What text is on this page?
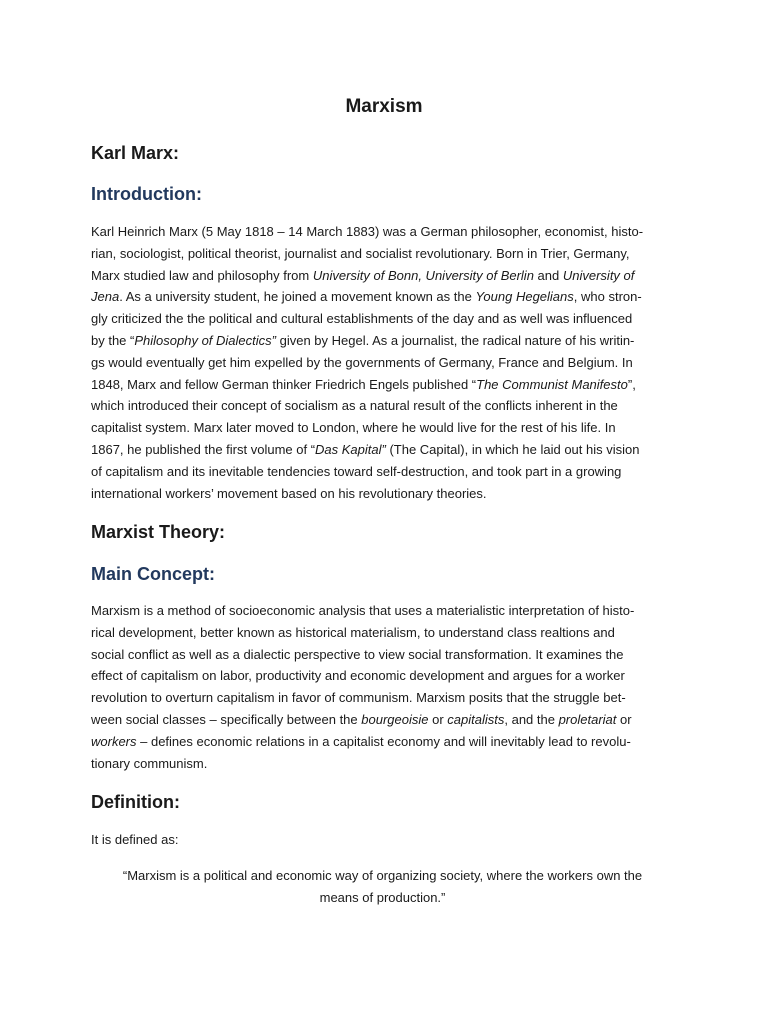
Marxism
Karl Marx:
Introduction:
Karl Heinrich Marx (5 May 1818 – 14 March 1883) was a German philosopher, economist, histo-
rian, sociologist, political theorist, journalist and socialist revolutionary. Born in Trier, Germany,
Marx studied law and philosophy from University of Bonn, University of Berlin and University of
Jena. As a university student, he joined a movement known as the Young Hegelians, who stron-
gly criticized the the political and cultural establishments of the day and as well was influenced
by the “Philosophy of Dialectics” given by Hegel. As a journalist, the radical nature of his writin-
gs would eventually get him expelled by the governments of Germany, France and Belgium. In
1848, Marx and fellow German thinker Friedrich Engels published “The Communist Manifesto”,
which introduced their concept of socialism as a natural result of the conflicts inherent in the
capitalist system. Marx later moved to London, where he would live for the rest of his life. In
1867, he published the first volume of “Das Kapital” (The Capital), in which he laid out his vision
of capitalism and its inevitable tendencies toward self-destruction, and took part in a growing
international workers’ movement based on his revolutionary theories.
Marxist Theory:
Main Concept:
Marxism is a method of socioeconomic analysis that uses a materialistic interpretation of histo-
rical development, better known as historical materialism, to understand class realtions and
social conflict as well as a dialectic perspective to view social transformation. It examines the
effect of capitalism on labor, productivity and economic development and argues for a worker
revolution to overturn capitalism in favor of communism. Marxism posits that the struggle bet-
ween social classes – specifically between the bourgeoisie or capitalists, and the proletariat or
workers – defines economic relations in a capitalist economy and will inevitably lead to revolu-
tionary communism.
Definition:
It is defined as:
“Marxism is a political and economic way of organizing society, where the workers own the
means of production.”
